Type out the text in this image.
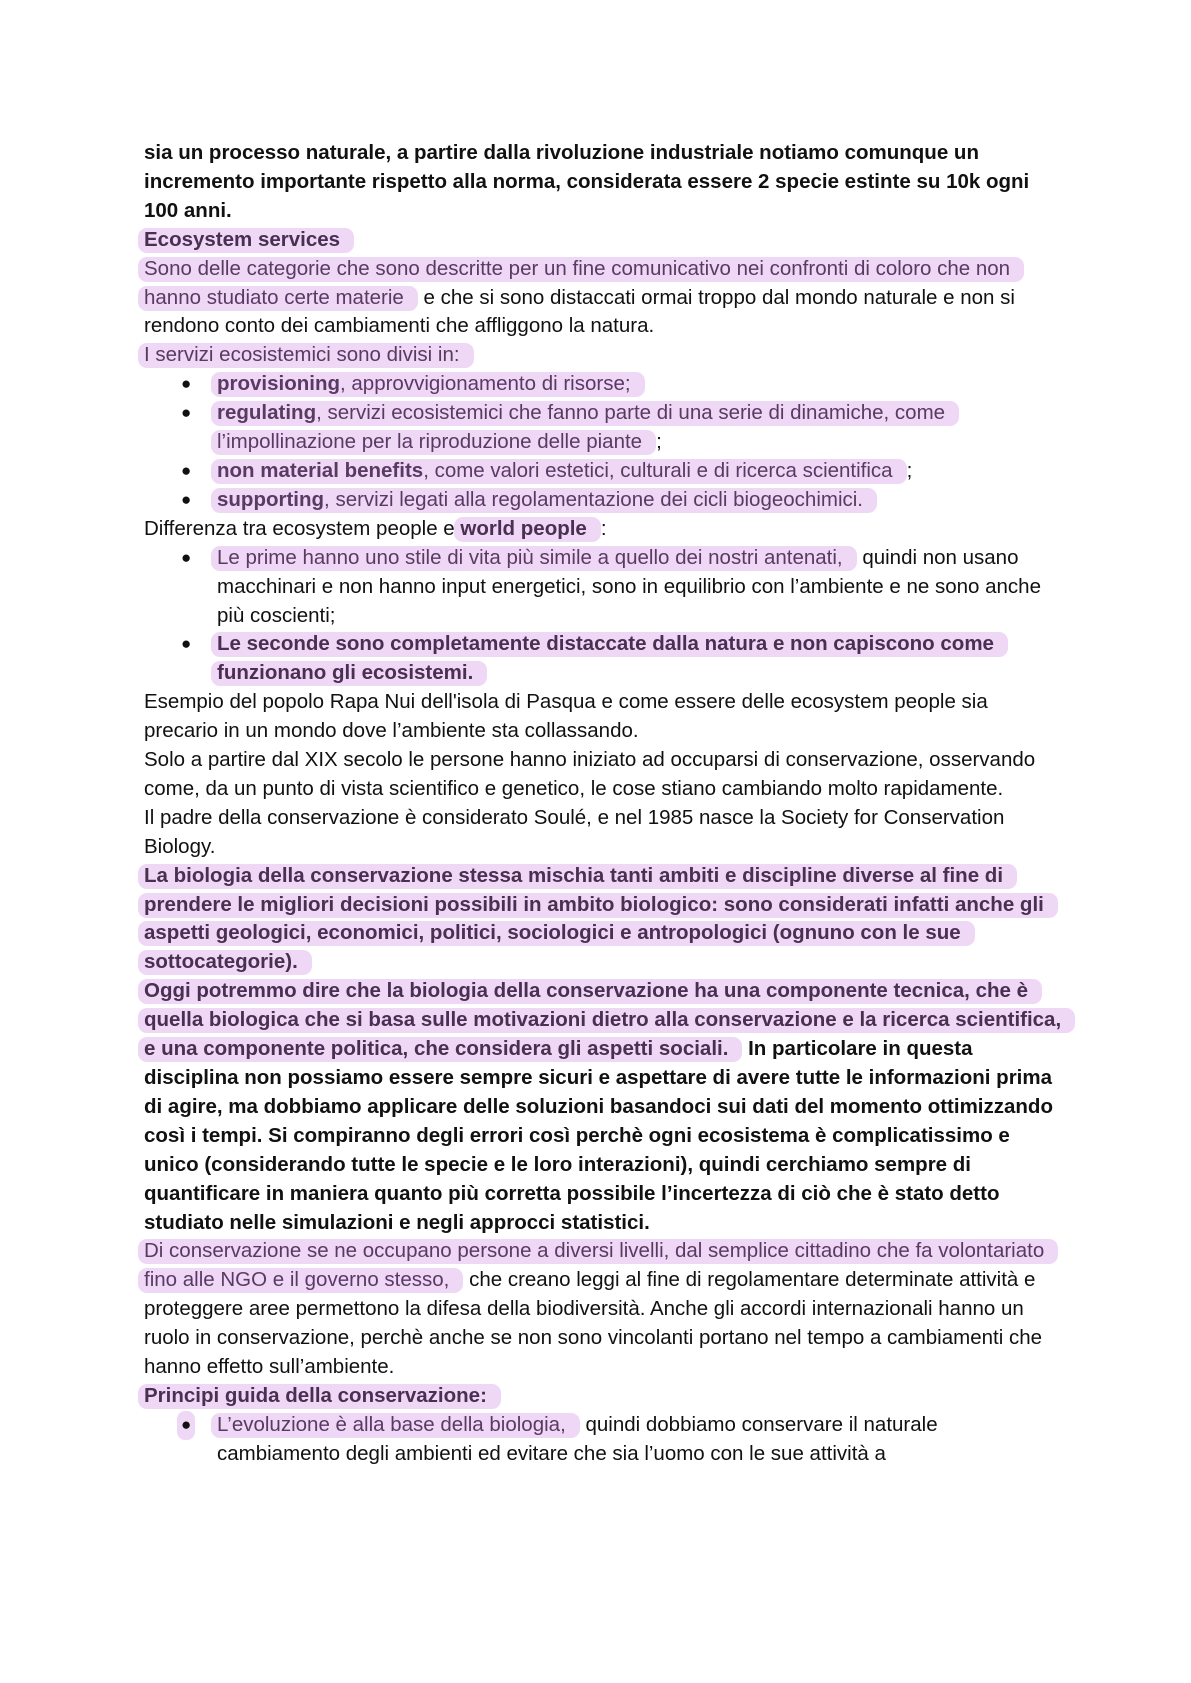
sia un processo naturale, a partire dalla rivoluzione industriale notiamo comunque un incremento importante rispetto alla norma, considerata essere 2 specie estinte su 10k ogni 100 anni.

Ecosystem services

Sono delle categorie che sono descritte per un fine comunicativo nei confronti di coloro che non hanno studiato certe materie e che si sono distaccati ormai troppo dal mondo naturale e non si rendono conto dei cambiamenti che affliggono la natura.

I servizi ecosistemici sono divisi in:

● provisioning, approvvigionamento di risorse;
● regulating, servizi ecosistemici che fanno parte di una serie di dinamiche, come l’impollinazione per la riproduzione delle piante ;
● non material benefits, come valori estetici, culturali e di ricerca scientifica ;
● supporting, servizi legati alla regolamentazione dei cicli biogeochimici.

Differenza tra ecosystem people e world people :

● Le prime hanno uno stile di vita più simile a quello dei nostri antenati, quindi non usano macchinari e non hanno input energetici, sono in equilibrio con l’ambiente e ne sono anche più coscienti;
● Le seconde sono completamente distaccate dalla natura e non capiscono come funzionano gli ecosistemi.

Esempio del popolo Rapa Nui dell'isola di Pasqua e come essere delle ecosystem people sia precario in un mondo dove l’ambiente sta collassando.

Solo a partire dal XIX secolo le persone hanno iniziato ad occuparsi di conservazione, osservando come, da un punto di vista scientifico e genetico, le cose stiano cambiando molto rapidamente.

Il padre della conservazione è considerato Soulé, e nel 1985 nasce la Society for Conservation Biology.

La biologia della conservazione stessa mischia tanti ambiti e discipline diverse al fine di prendere le migliori decisioni possibili in ambito biologico: sono considerati infatti anche gli aspetti geologici, economici, politici, sociologici e antropologici (ognuno con le sue sottocategorie).

Oggi potremmo dire che la biologia della conservazione ha una componente tecnica, che è quella biologica che si basa sulle motivazioni dietro alla conservazione e la ricerca scientifica, e una componente politica, che considera gli aspetti sociali. In particolare in questa disciplina non possiamo essere sempre sicuri e aspettare di avere tutte le informazioni prima di agire, ma dobbiamo applicare delle soluzioni basandoci sui dati del momento ottimizzando così i tempi. Si compiranno degli errori così perchè ogni ecosistema è complicatissimo e unico (considerando tutte le specie e le loro interazioni), quindi cerchiamo sempre di quantificare in maniera quanto più corretta possibile l’incertezza di ciò che è stato detto studiato nelle simulazioni e negli approcci statistici.

Di conservazione se ne occupano persone a diversi livelli, dal semplice cittadino che fa volontariato fino alle NGO e il governo stesso, che creano leggi al fine di regolamentare determinate attività e proteggere aree permettono la difesa della biodiversità. Anche gli accordi internazionali hanno un ruolo in conservazione, perchè anche se non sono vincolanti portano nel tempo a cambiamenti che hanno effetto sull’ambiente.

Principi guida della conservazione:

● L’evoluzione è alla base della biologia, quindi dobbiamo conservare il naturale cambiamento degli ambienti ed evitare che sia l’uomo con le sue attività a
